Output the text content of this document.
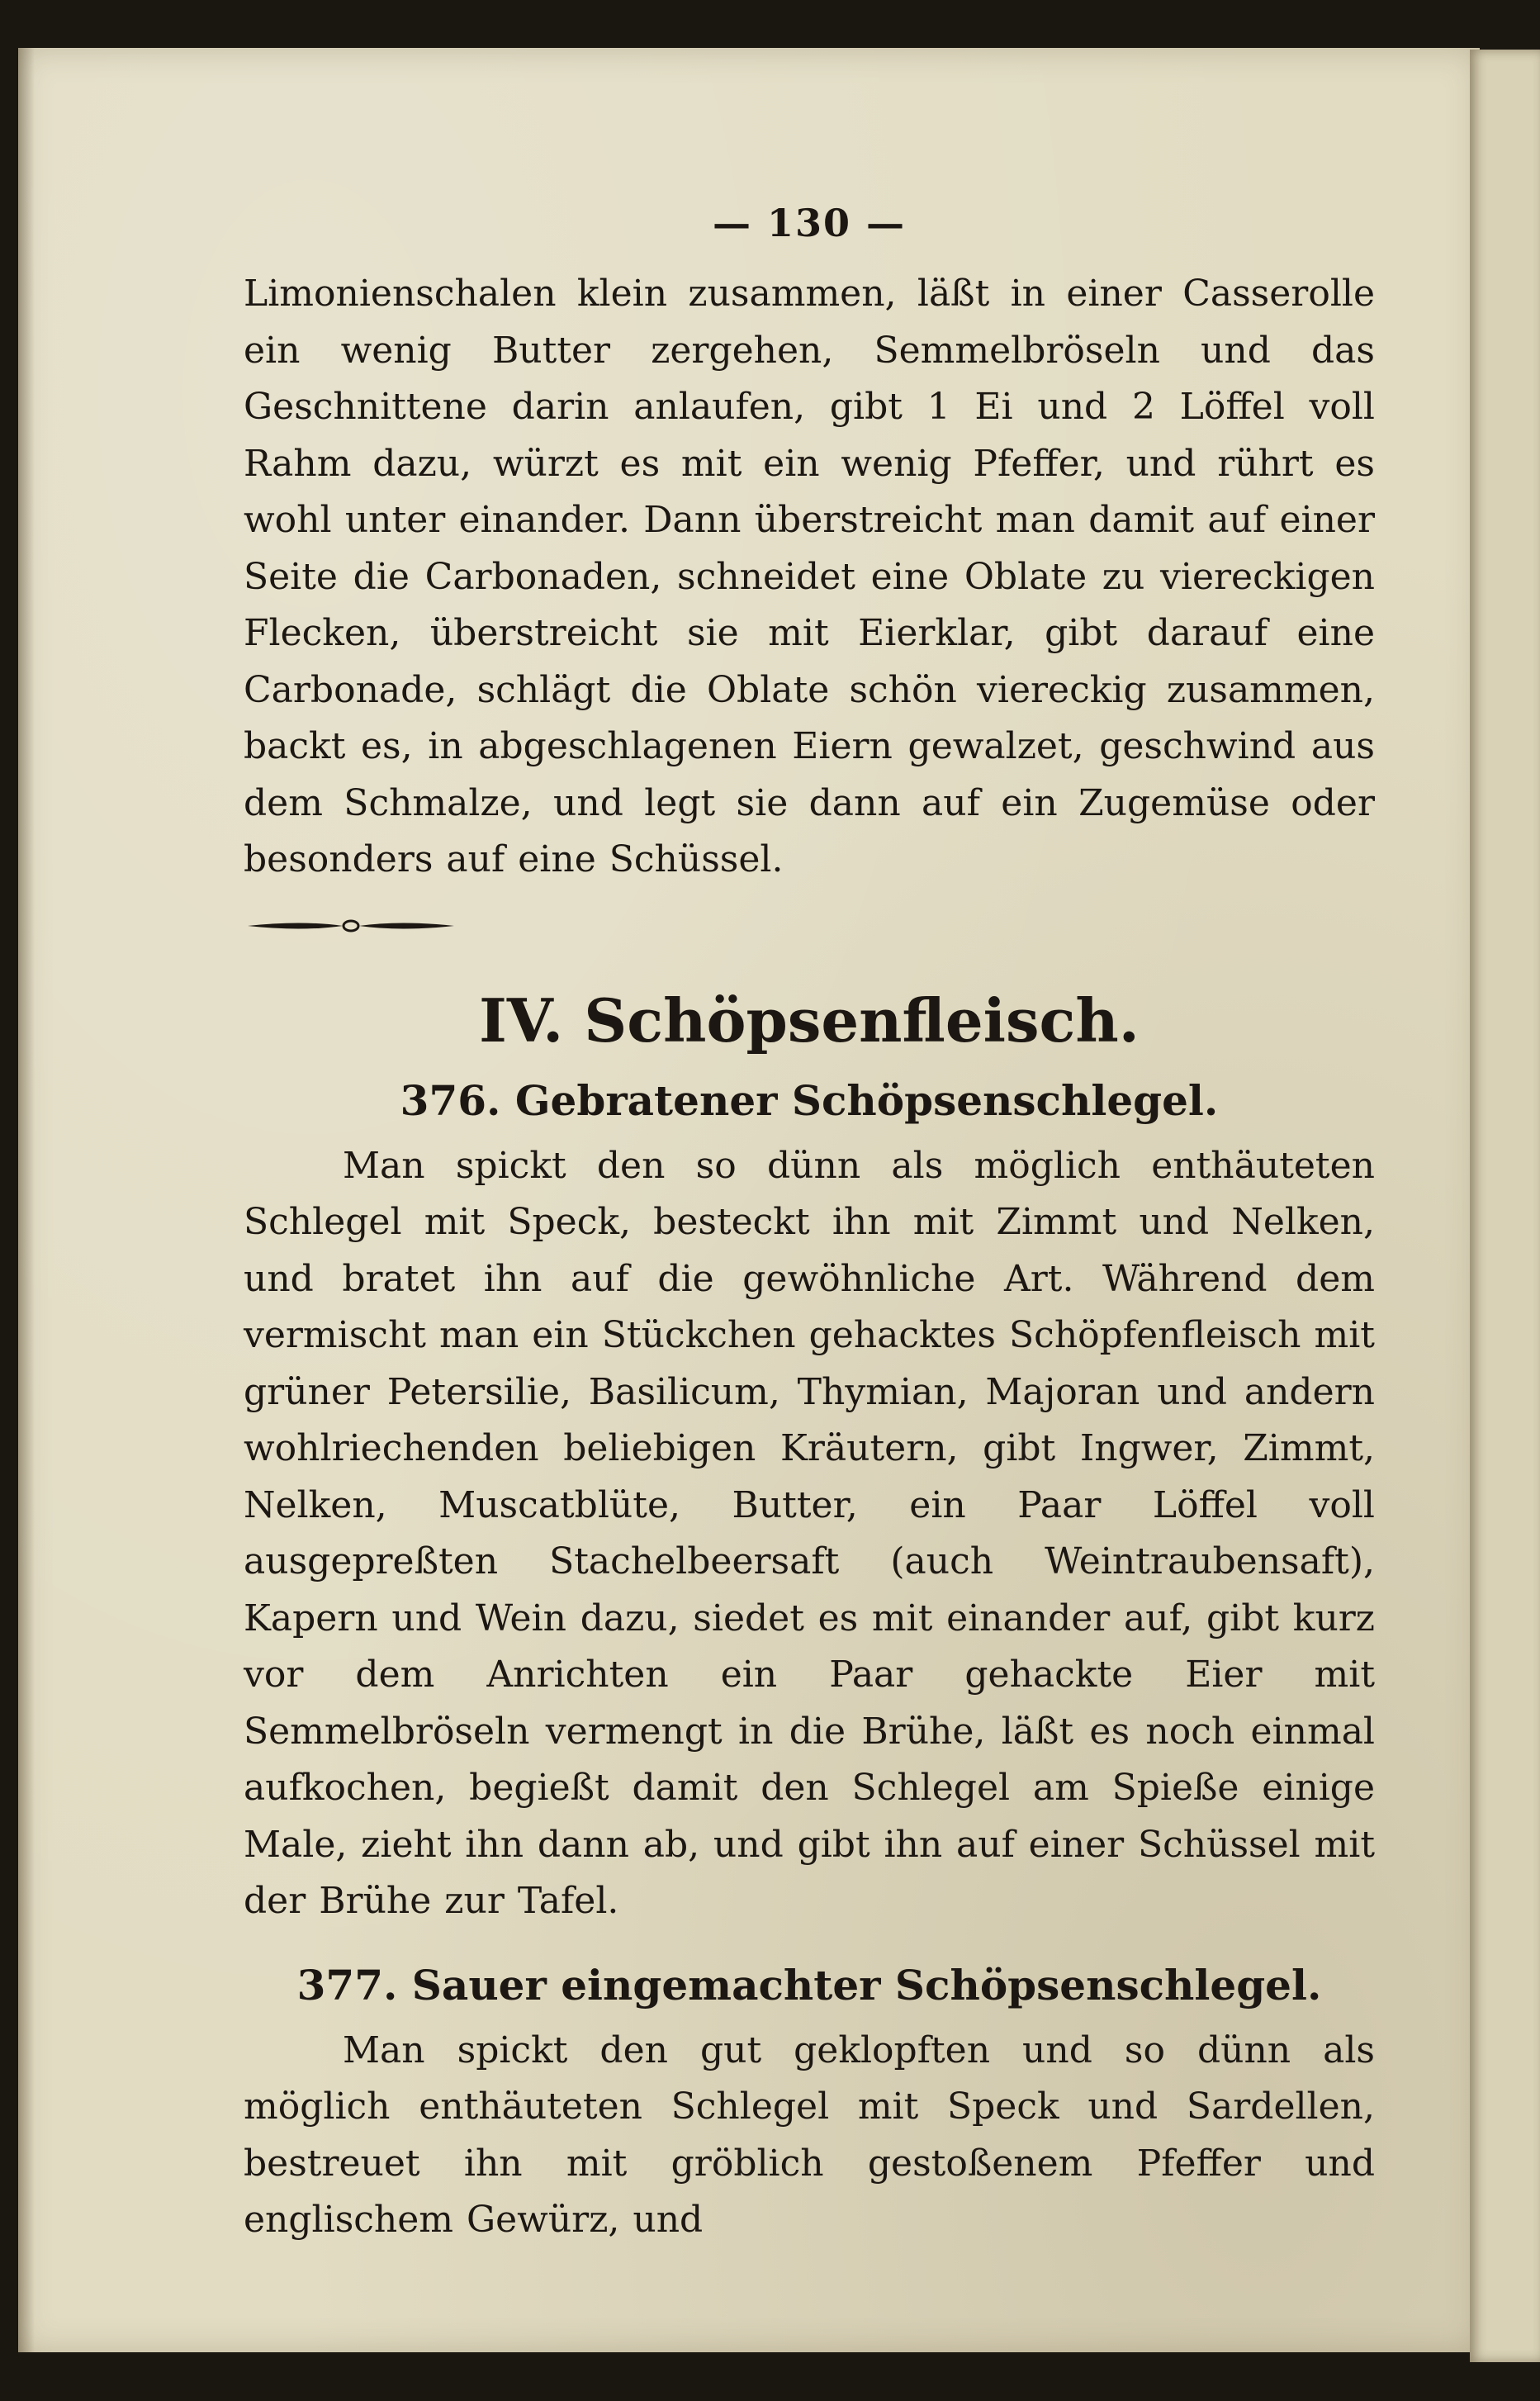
— 130 —

Limonienschalen klein zusammen, läßt in einer Casserolle ein wenig Butter zergehen, Semmelbröseln und das Geschnittene darin anlaufen, gibt 1 Ei und 2 Löffel voll Rahm dazu, würzt es mit ein wenig Pfeffer, und rührt es wohl unter einander. Dann überstreicht man damit auf einer Seite die Carbonaden, schneidet eine Oblate zu viereckigen Flecken, überstreicht sie mit Eierklar, gibt darauf eine Carbonade, schlägt die Oblate schön viereckig zusammen, backt es, in abgeschlagenen Eiern gewalzet, geschwind aus dem Schmalze, und legt sie dann auf ein Zugemüse oder besonders auf eine Schüssel.

IV. Schöpsenfleisch.
376. Gebratener Schöpsenschlegel.

Man spickt den so dünn als möglich enthäuteten Schlegel mit Speck, besteckt ihn mit Zimmt und Nelken, und bratet ihn auf die gewöhnliche Art. Während dem vermischt man ein Stückchen gehacktes Schöpfenfleisch mit grüner Petersilie, Basilicum, Thymian, Majoran und andern wohlriechenden beliebigen Kräutern, gibt Ingwer, Zimmt, Nelken, Muscatblüte, Butter, ein Paar Löffel voll ausgepreßten Stachelbeersaft (auch Weintraubensaft), Kapern und Wein dazu, siedet es mit einander auf, gibt kurz vor dem Anrichten ein Paar gehackte Eier mit Semmelbröseln vermengt in die Brühe, läßt es noch einmal aufkochen, begießt damit den Schlegel am Spieße einige Male, zieht ihn dann ab, und gibt ihn auf einer Schüssel mit der Brühe zur Tafel.

377. Sauer eingemachter Schöpsenschlegel.

Man spickt den gut geklopften und so dünn als möglich enthäuteten Schlegel mit Speck und Sardellen, bestreuet ihn mit gröblich gestoßenem Pfeffer und englischem Gewürz, und
